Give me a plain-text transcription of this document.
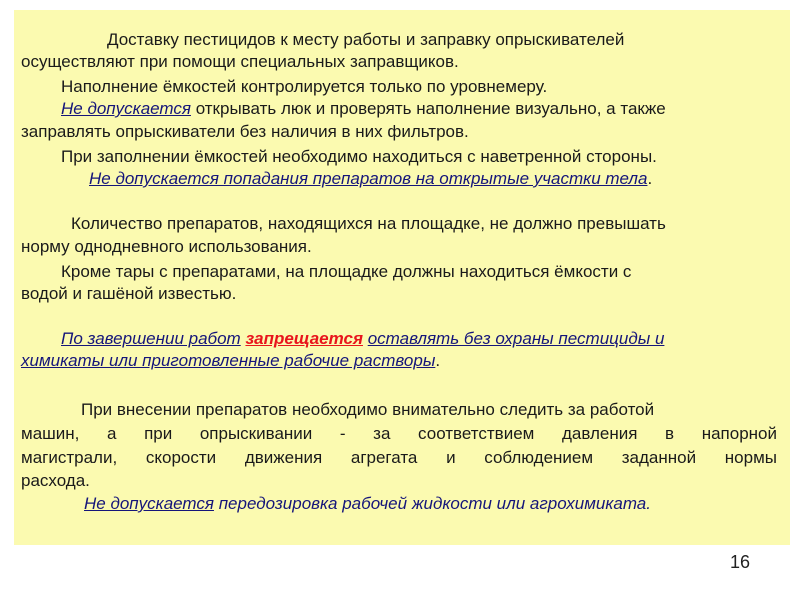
Доставку пестицидов к месту работы и заправку опрыскивателей
осуществляют при помощи специальных заправщиков.
Наполнение ёмкостей контролируется только по уровнемеру.
Не допускается открывать люк и проверять наполнение визуально, а также
заправлять опрыскиватели без наличия в них фильтров.
При заполнении ёмкостей необходимо находиться с наветренной стороны.
Не допускается попадания препаратов на открытые участки тела.
Количество препаратов, находящихся на площадке, не должно превышать
норму однодневного использования.
Кроме тары с препаратами, на площадке должны находиться ёмкости с
водой и гашёной известью.
По завершении работ запрещается оставлять без охраны пестициды и
химикаты или приготовленные рабочие растворы.
При внесении препаратов необходимо внимательно следить за работой
машин, а при опрыскивании - за соответствием давления в напорной
магистрали, скорости движения агрегата и соблюдением заданной нормы
расхода.
Не допускается передозировка рабочей жидкости или агрохимиката.
16
